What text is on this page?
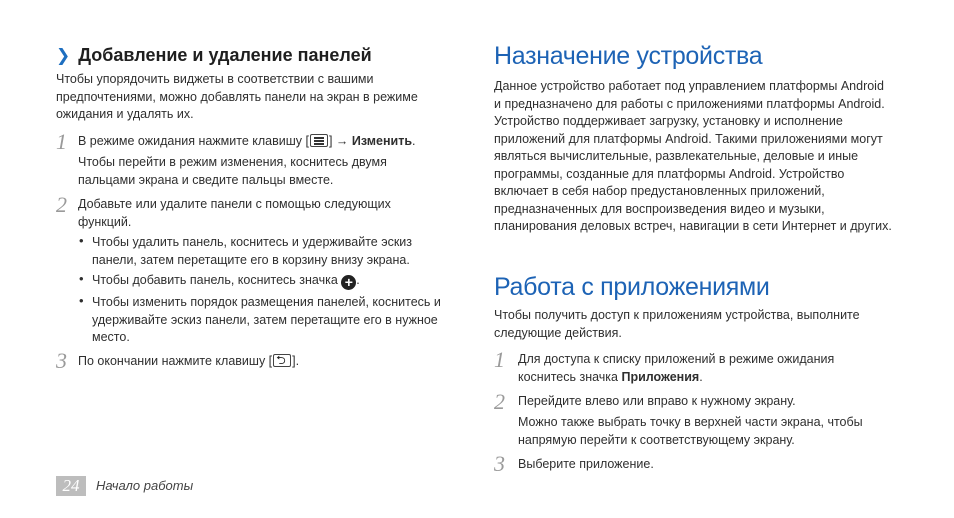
❯ Добавление и удаление панелей
Чтобы упорядочить виджеты в соответствии с вашими предпочтениями, можно добавлять панели на экран в режиме ожидания и удалять их.
1 В режиме ожидания нажмите клавишу [ ] → Изменить.
Чтобы перейти в режим изменения, коснитесь двумя пальцами экрана и сведите пальцы вместе.
2 Добавьте или удалите панели с помощью следующих функций.
• Чтобы удалить панель, коснитесь и удерживайте эскиз панели, затем перетащите его в корзину внизу экрана.
• Чтобы добавить панель, коснитесь значка + .
• Чтобы изменить порядок размещения панелей, коснитесь и удерживайте эскиз панели, затем перетащите его в нужное место.
3 По окончании нажмите клавишу [⮌ ].
Назначение устройства
Данное устройство работает под управлением платформы Android и предназначено для работы с приложениями платформы Android. Устройство поддерживает загрузку, установку и исполнение приложений для платформы Android. Такими приложениями могут являться вычислительные, развлекательные, деловые и иные программы, созданные для платформы Android. Устройство включает в себя набор предустановленных приложений, предназначенных для воспроизведения видео и музыки, планирования деловых встреч, навигации в сети Интернет и других.
Работа с приложениями
Чтобы получить доступ к приложениям устройства, выполните следующие действия.
1 Для доступа к списку приложений в режиме ожидания коснитесь значка Приложения.
2 Перейдите влево или вправо к нужному экрану.
Можно также выбрать точку в верхней части экрана, чтобы напрямую перейти к соответствующему экрану.
3 Выберите приложение.
24	Начало работы
